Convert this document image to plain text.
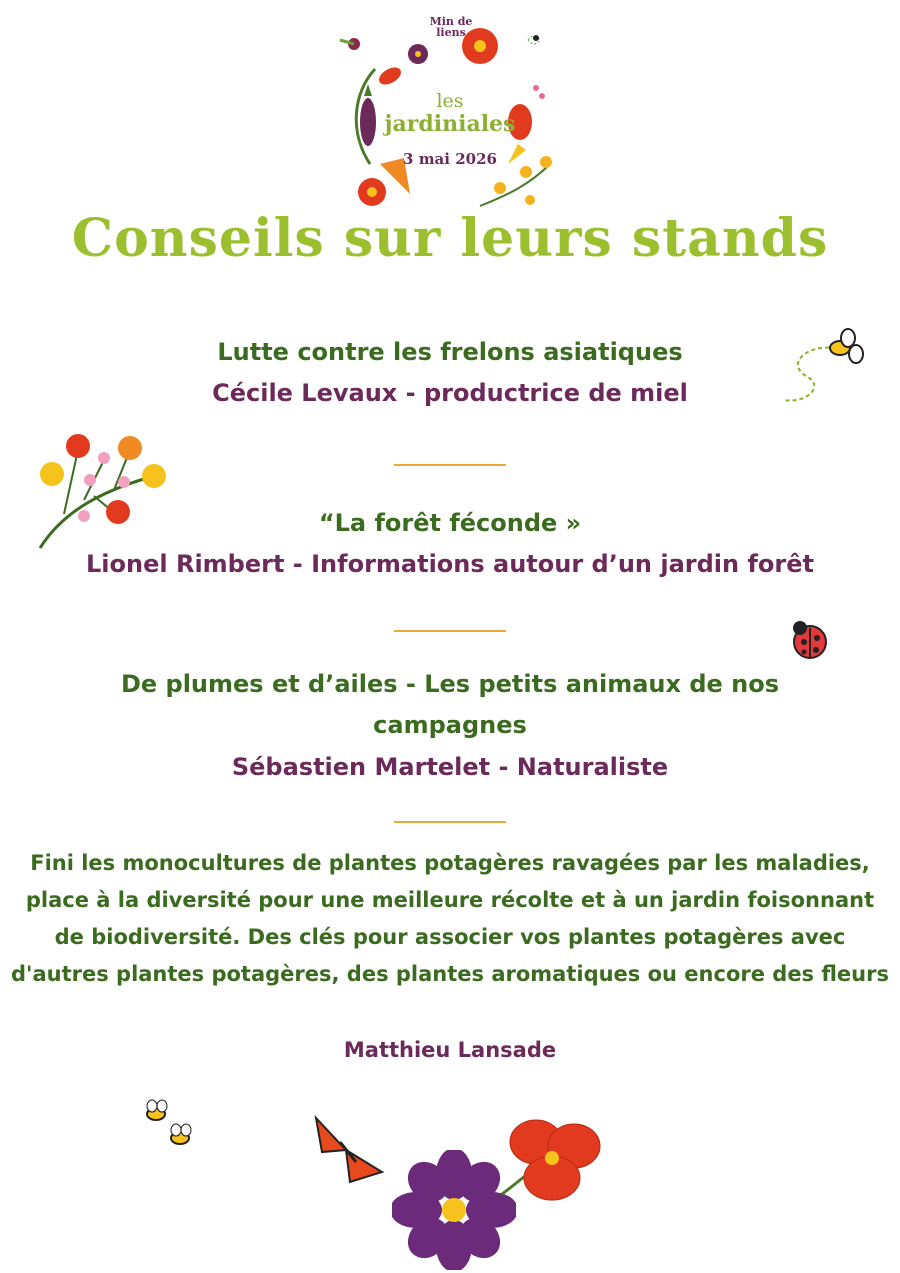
Min de liens
les
jardiniales
3 mai 2026
Conseils sur leurs stands
Lutte contre les frelons asiatiques
Cécile Levaux - productrice de miel
“La forêt féconde »
Lionel Rimbert - Informations autour d’un jardin forêt
De plumes et d’ailes - Les petits animaux de nos campagnes
Sébastien Martelet - Naturaliste
Fini les monocultures de plantes potagères ravagées par les maladies, place à la diversité pour une meilleure récolte et à un jardin foisonnant de biodiversité. Des clés pour associer vos plantes potagères avec d'autres plantes potagères, des plantes aromatiques ou encore des fleurs
Matthieu Lansade
